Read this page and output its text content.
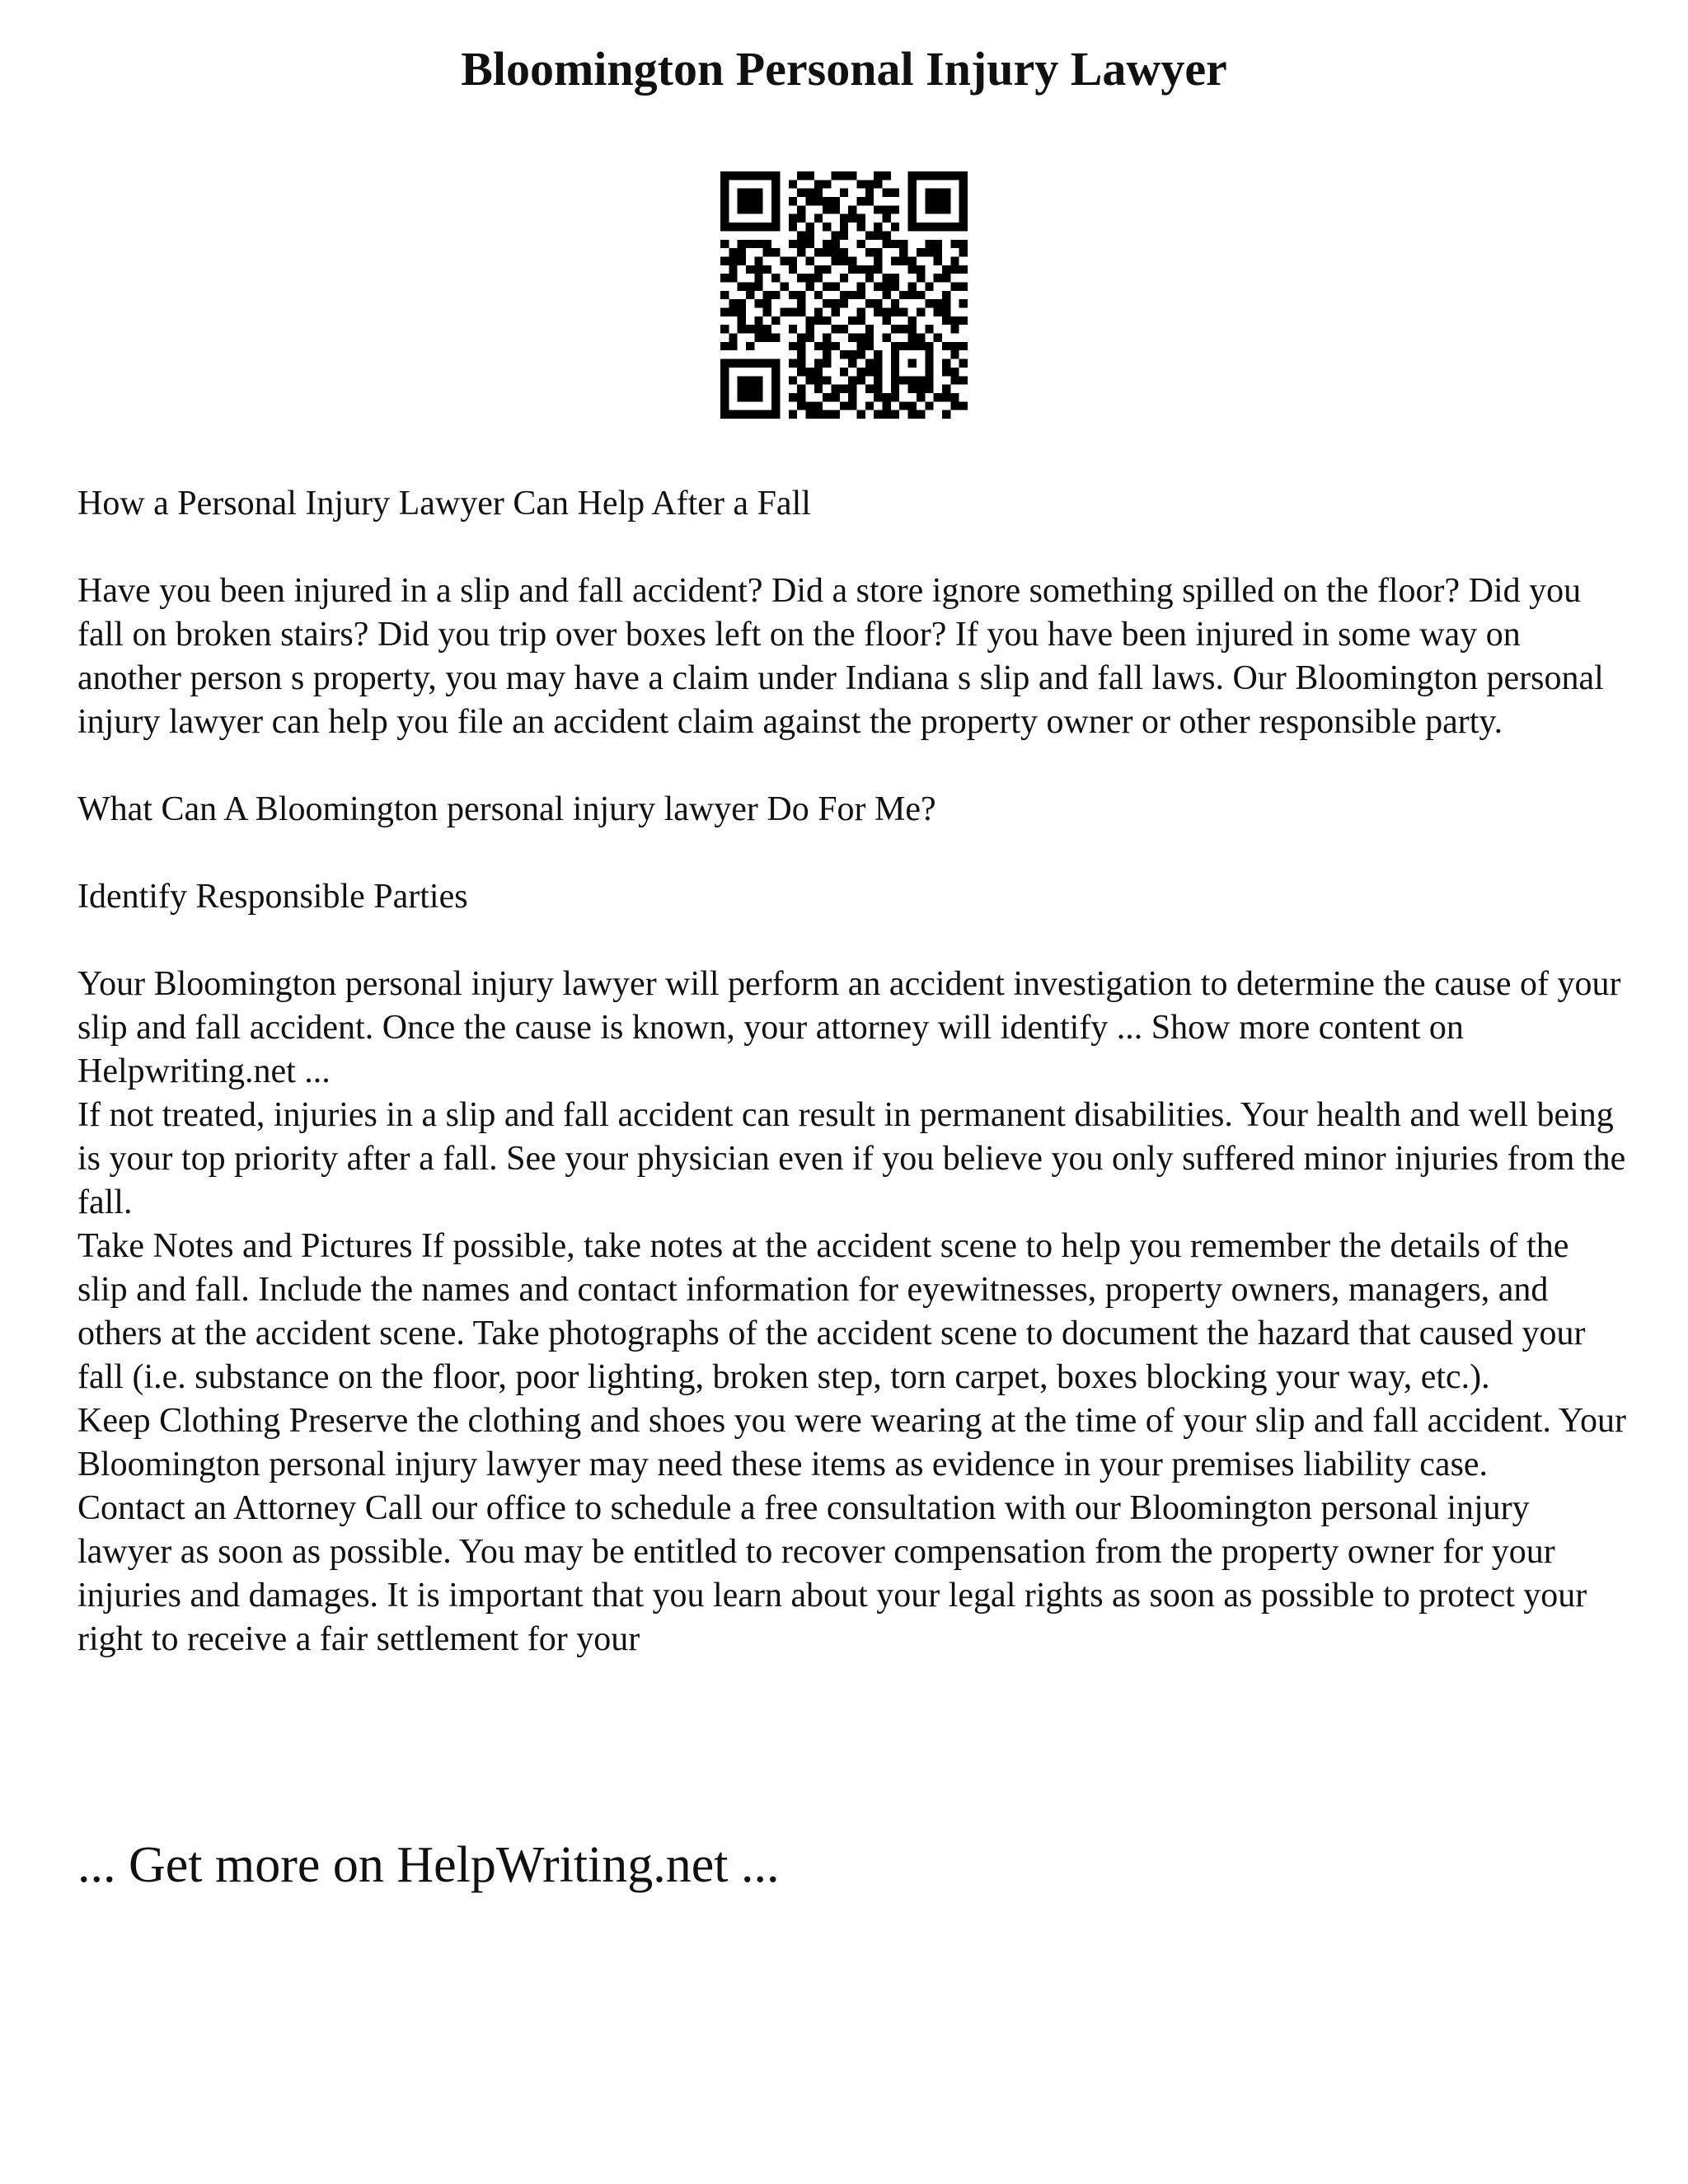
Bloomington Personal Injury Lawyer

How a Personal Injury Lawyer Can Help After a Fall

Have you been injured in a slip and fall accident? Did a store ignore something spilled on the floor? Did you fall on broken stairs? Did you trip over boxes left on the floor? If you have been injured in some way on another person s property, you may have a claim under Indiana s slip and fall laws. Our Bloomington personal injury lawyer can help you file an accident claim against the property owner or other responsible party.

What Can A Bloomington personal injury lawyer Do For Me?

Identify Responsible Parties

Your Bloomington personal injury lawyer will perform an accident investigation to determine the cause of your slip and fall accident. Once the cause is known, your attorney will identify ... Show more content on Helpwriting.net ...

If not treated, injuries in a slip and fall accident can result in permanent disabilities. Your health and well being is your top priority after a fall. See your physician even if you believe you only suffered minor injuries from the fall.

Take Notes and Pictures If possible, take notes at the accident scene to help you remember the details of the slip and fall. Include the names and contact information for eyewitnesses, property owners, managers, and others at the accident scene. Take photographs of the accident scene to document the hazard that caused your fall (i.e. substance on the floor, poor lighting, broken step, torn carpet, boxes blocking your way, etc.).

Keep Clothing Preserve the clothing and shoes you were wearing at the time of your slip and fall accident. Your Bloomington personal injury lawyer may need these items as evidence in your premises liability case.

Contact an Attorney Call our office to schedule a free consultation with our Bloomington personal injury lawyer as soon as possible. You may be entitled to recover compensation from the property owner for your injuries and damages. It is important that you learn about your legal rights as soon as possible to protect your right to receive a fair settlement for your

... Get more on HelpWriting.net ...
